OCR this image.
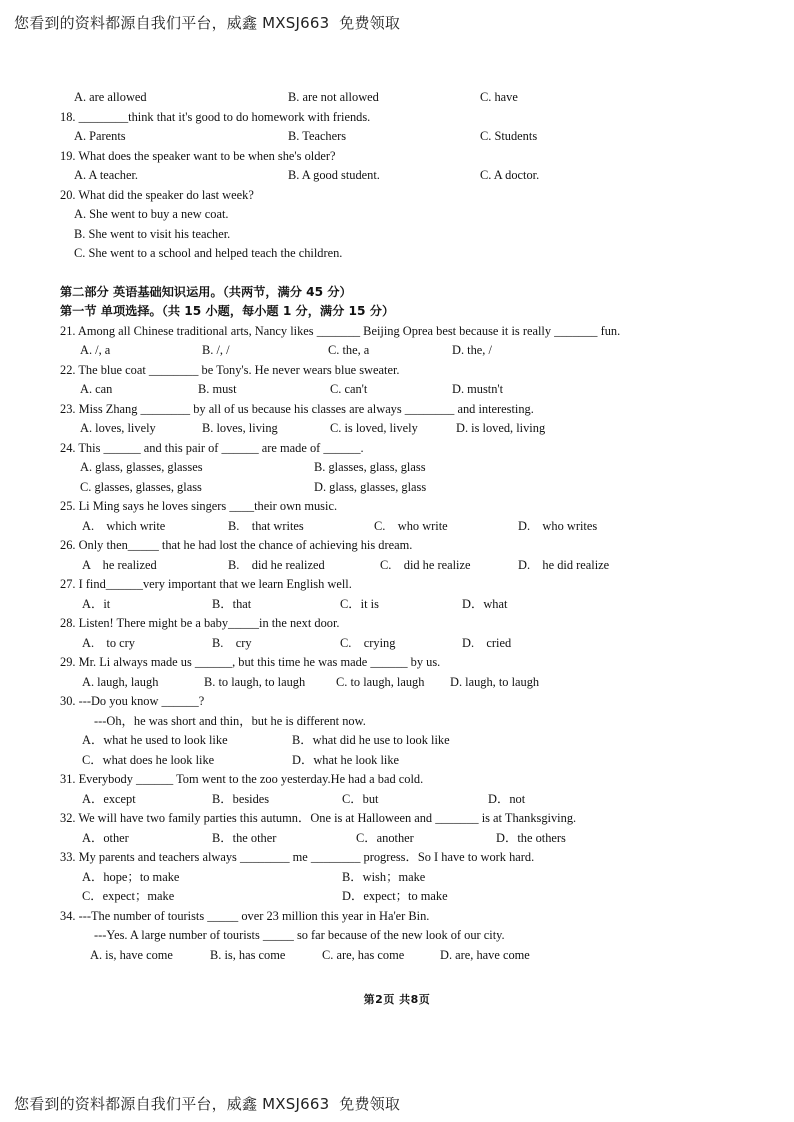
您看到的资料都源自我们平台，威鑫 MXSJ663  免费领取
A. are allowed	B. are not allowed	C. have
18. ________think that it's good to do homework with friends.
A. Parents	B. Teachers	C. Students
19. What does the speaker want to be when she's older?
A. A teacher.	B. A good student.	C. A doctor.
20. What did the speaker do last week?
A. She went to buy a new coat.
B. She went to visit his teacher.
C. She went to a school and helped teach the children.
第二部分 英语基础知识运用。（共两节，满分 45 分）
第一节 单项选择。（共 15 小题，每小题 1 分，满分 15 分）
21. Among all Chinese traditional arts, Nancy likes _______ Beijing Oprea best because it is really _______ fun.
A. /, a	B. /, /	C. the, a	D. the, /
22. The blue coat ________ be Tony's. He never wears blue sweater.
A. can	B. must	C. can't	D. mustn't
23. Miss Zhang ________ by all of us because his classes are always ________ and interesting.
A. loves, lively	B. loves, living	C. is loved, lively	D. is loved, living
24. This ______ and this pair of ______ are made of ______.
A. glass, glasses, glasses	B. glasses, glass, glass
C. glasses, glasses, glass	D. glass, glasses, glass
25. Li Ming says he loves singers ____their own music.
A.    which write	B.    that writes	C.    who write	D.    who writes
26. Only then_____ that he had lost the chance of achieving his dream.
A    he realized	B.    did he realized	C.    did he realize	D.    he did realize
27. I find______very important that we learn English well.
A．it	B．that	C．it is	D．what
28. Listen! There might be a baby_____in the next door.
A.    to cry	B.    cry	C.    crying	D.    cried
29. Mr. Li always made us ______, but this time he was made ______ by us.
A. laugh, laugh	B. to laugh, to laugh C. to laugh, laugh D. laugh, to laugh
30. ---Do you know ______?
---Oh，he was short and thin，but he is different now.
A．what he used to look like	B．what did he use to look like
C．what does he look like	D．what he look like
31. Everybody ______ Tom went to the zoo yesterday.He had a bad cold.
A．except	B．besides	C．but	D．not
32. We will have two family parties this autumn．One is at Halloween and _______ is at Thanksgiving.
A．other	B．the other	C．another	D．the others
33. My parents and teachers always ________ me ________ progress．So I have to work hard.
A．hope；to make	B．wish；make
C．expect；make	D．expect；to make
34. ---The number of tourists _____ over 23 million this year in Ha'er Bin.
---Yes. A large number of tourists _____ so far because of the new look of our city.
A. is, have come	B. is, has come	C. are, has come	D. are, have come
第2页 共8页
您看到的资料都源自我们平台，威鑫 MXSJ663  免费领取
